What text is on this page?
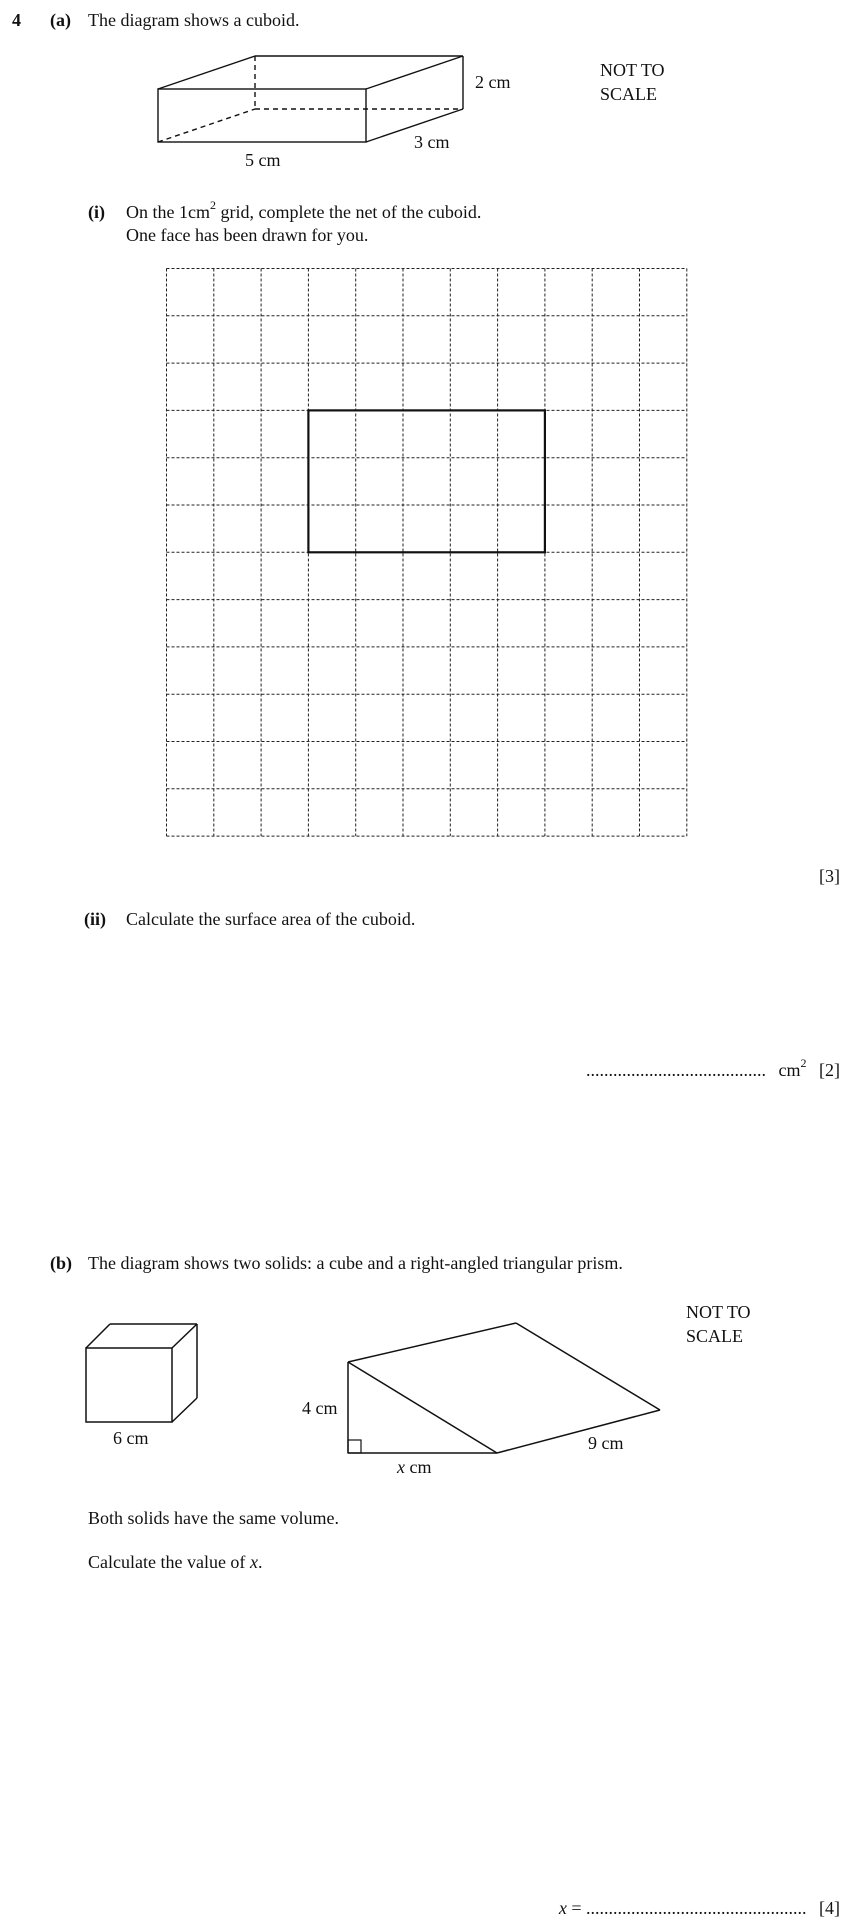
4 (a) The diagram shows a cuboid.
2 cm
5 cm
3 cm
NOT TO
SCALE
(i) On the $1cm^2$ grid, complete the net of the cuboid.
One face has been drawn for you.
[3]
(ii) Calculate the surface area of the cuboid.
........................................ $cm^2$ [2]
(b) The diagram shows two solids: a cube and a right-angled triangular prism.
NOT TO
SCALE
6 cm
4 cm
x cm
9 cm
Both solids have the same volume.
Calculate the value of x.
x = ................................................. [4]
